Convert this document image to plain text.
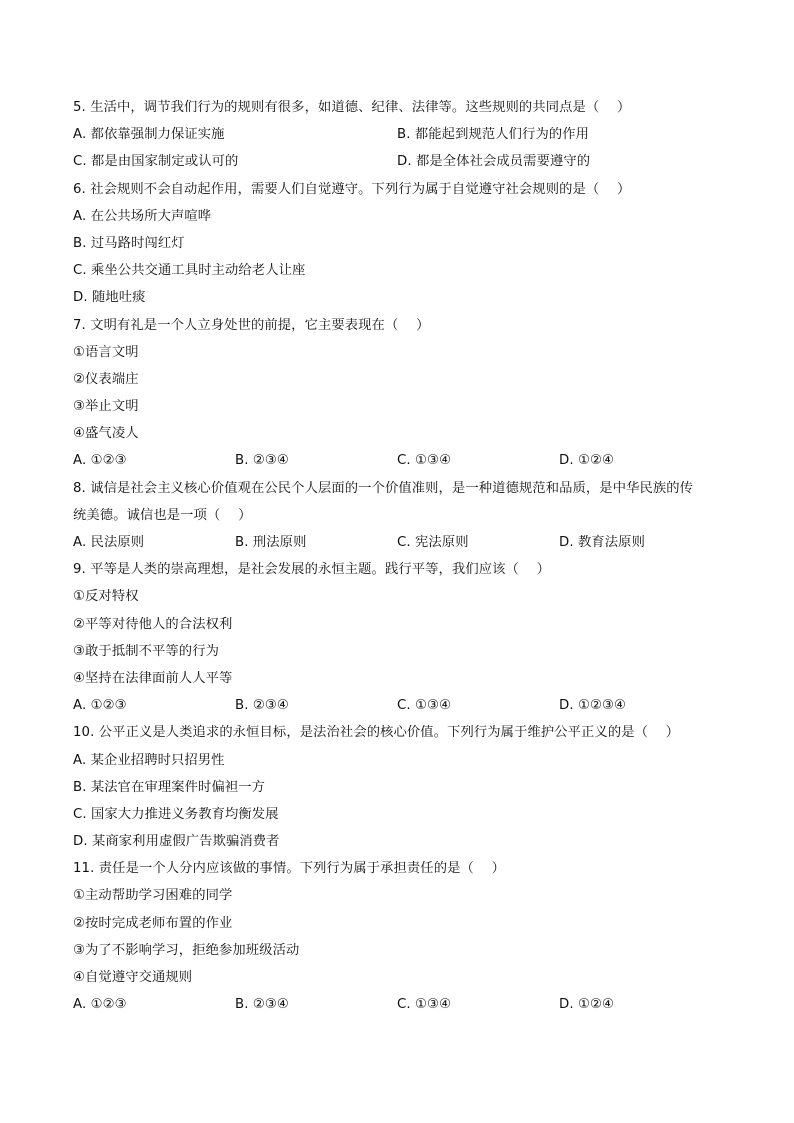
5. 生活中，调节我们行为的规则有很多，如道德、纪律、法律等。这些规则的共同点是（　 ）
A. 都依靠强制力保证实施	B. 都能起到规范人们行为的作用
C. 都是由国家制定或认可的	D. 都是全体社会成员需要遵守的
6. 社会规则不会自动起作用，需要人们自觉遵守。下列行为属于自觉遵守社会规则的是（　 ）
A. 在公共场所大声喧哗
B. 过马路时闯红灯
C. 乘坐公共交通工具时主动给老人让座
D. 随地吐痰
7. 文明有礼是一个人立身处世的前提，它主要表现在（　 ）
①语言文明
②仪表端庄
③举止文明
④盛气凌人
A. ①②③	B. ②③④	C. ①③④	D. ①②④
8. 诚信是社会主义核心价值观在公民个人层面的一个价值准则，是一种道德规范和品质，是中华民族的传
统美德。诚信也是一项（　 ）
A. 民法原则	B. 刑法原则	C. 宪法原则	D. 教育法原则
9. 平等是人类的崇高理想，是社会发展的永恒主题。践行平等，我们应该（　 ）
①反对特权
②平等对待他人的合法权利
③敢于抵制不平等的行为
④坚持在法律面前人人平等
A. ①②③	B. ②③④	C. ①③④	D. ①②③④
10. 公平正义是人类追求的永恒目标，是法治社会的核心价值。下列行为属于维护公平正义的是（　 ）
A. 某企业招聘时只招男性
B. 某法官在审理案件时偏袒一方
C. 国家大力推进义务教育均衡发展
D. 某商家利用虚假广告欺骗消费者
11. 责任是一个人分内应该做的事情。下列行为属于承担责任的是（　 ）
①主动帮助学习困难的同学
②按时完成老师布置的作业
③为了不影响学习，拒绝参加班级活动
④自觉遵守交通规则
A. ①②③	B. ②③④	C. ①③④	D. ①②④
